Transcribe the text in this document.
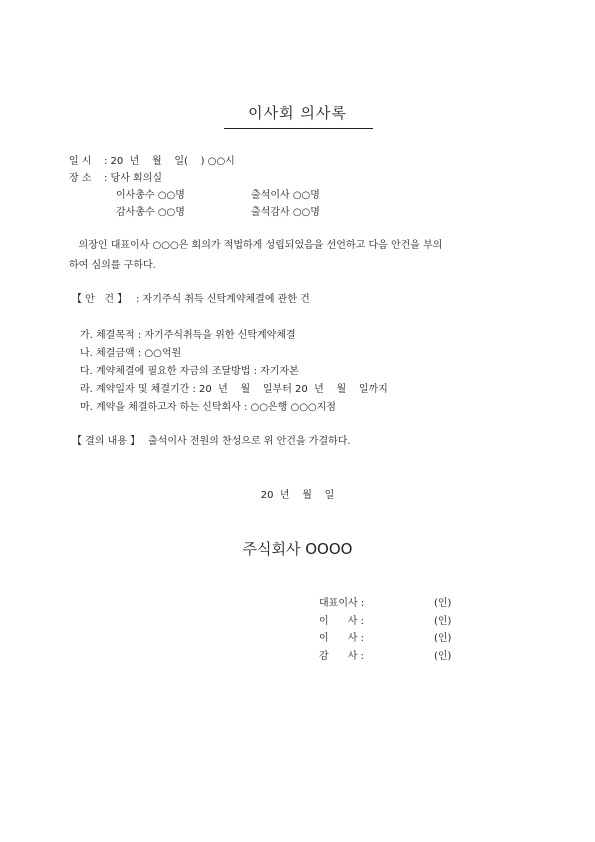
이사회 의사록
일 시 : 20  년    월    일(    ) ○○시
장 소 : 당사 회의실
이사총수 ○○명	출석이사 ○○명
감사총수 ○○명	출석감사 ○○명
의장인 대표이사 ○○○은 회의가 적법하게 성립되었음을 선언하고 다음 안건을 부의
하여 심의를 구하다.
【 안   건 】 : 자기주식 취득 신탁계약체결에 관한 건
가. 체결목적 : 자기주식취득을 위한 신탁계약체결
나. 체결금액 : ○○억원
다. 계약체결에 필요한 자금의 조달방법 : 자기자본
라. 계약일자 및 체결기간 : 20  년    월    일부터 20  년    월    일까지
마. 계약을 체결하고자 하는 신탁회사 : ○○은행 ○○○지점
【 결의 내용 】 출석이사 전원의 찬성으로 위 안건을 가결하다.
20  년    월    일
주식회사 OOOO
대표이사 :	(인)
이      사 :	(인)
이      사 :	(인)
감      사 :	(인)
